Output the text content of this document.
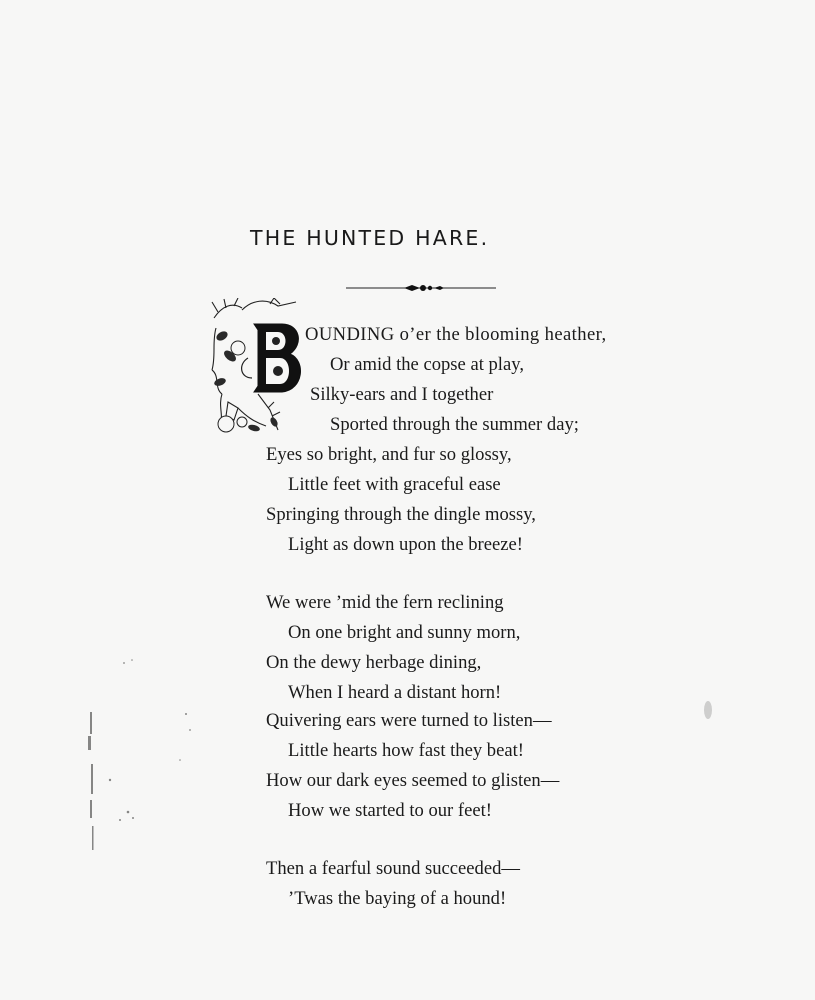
THE HUNTED HARE.
OUNDING o’er the blooming heather,
Or amid the copse at play,
Silky-ears and I together
Sported through the summer day;
Eyes so bright, and fur so glossy,
Little feet with graceful ease
Springing through the dingle mossy,
Light as down upon the breeze!
We were ’mid the fern reclining
On one bright and sunny morn,
On the dewy herbage dining,
When I heard a distant horn!
Quivering ears were turned to listen—
Little hearts how fast they beat!
How our dark eyes seemed to glisten—
How we started to our feet!
Then a fearful sound succeeded—
’Twas the baying of a hound!
